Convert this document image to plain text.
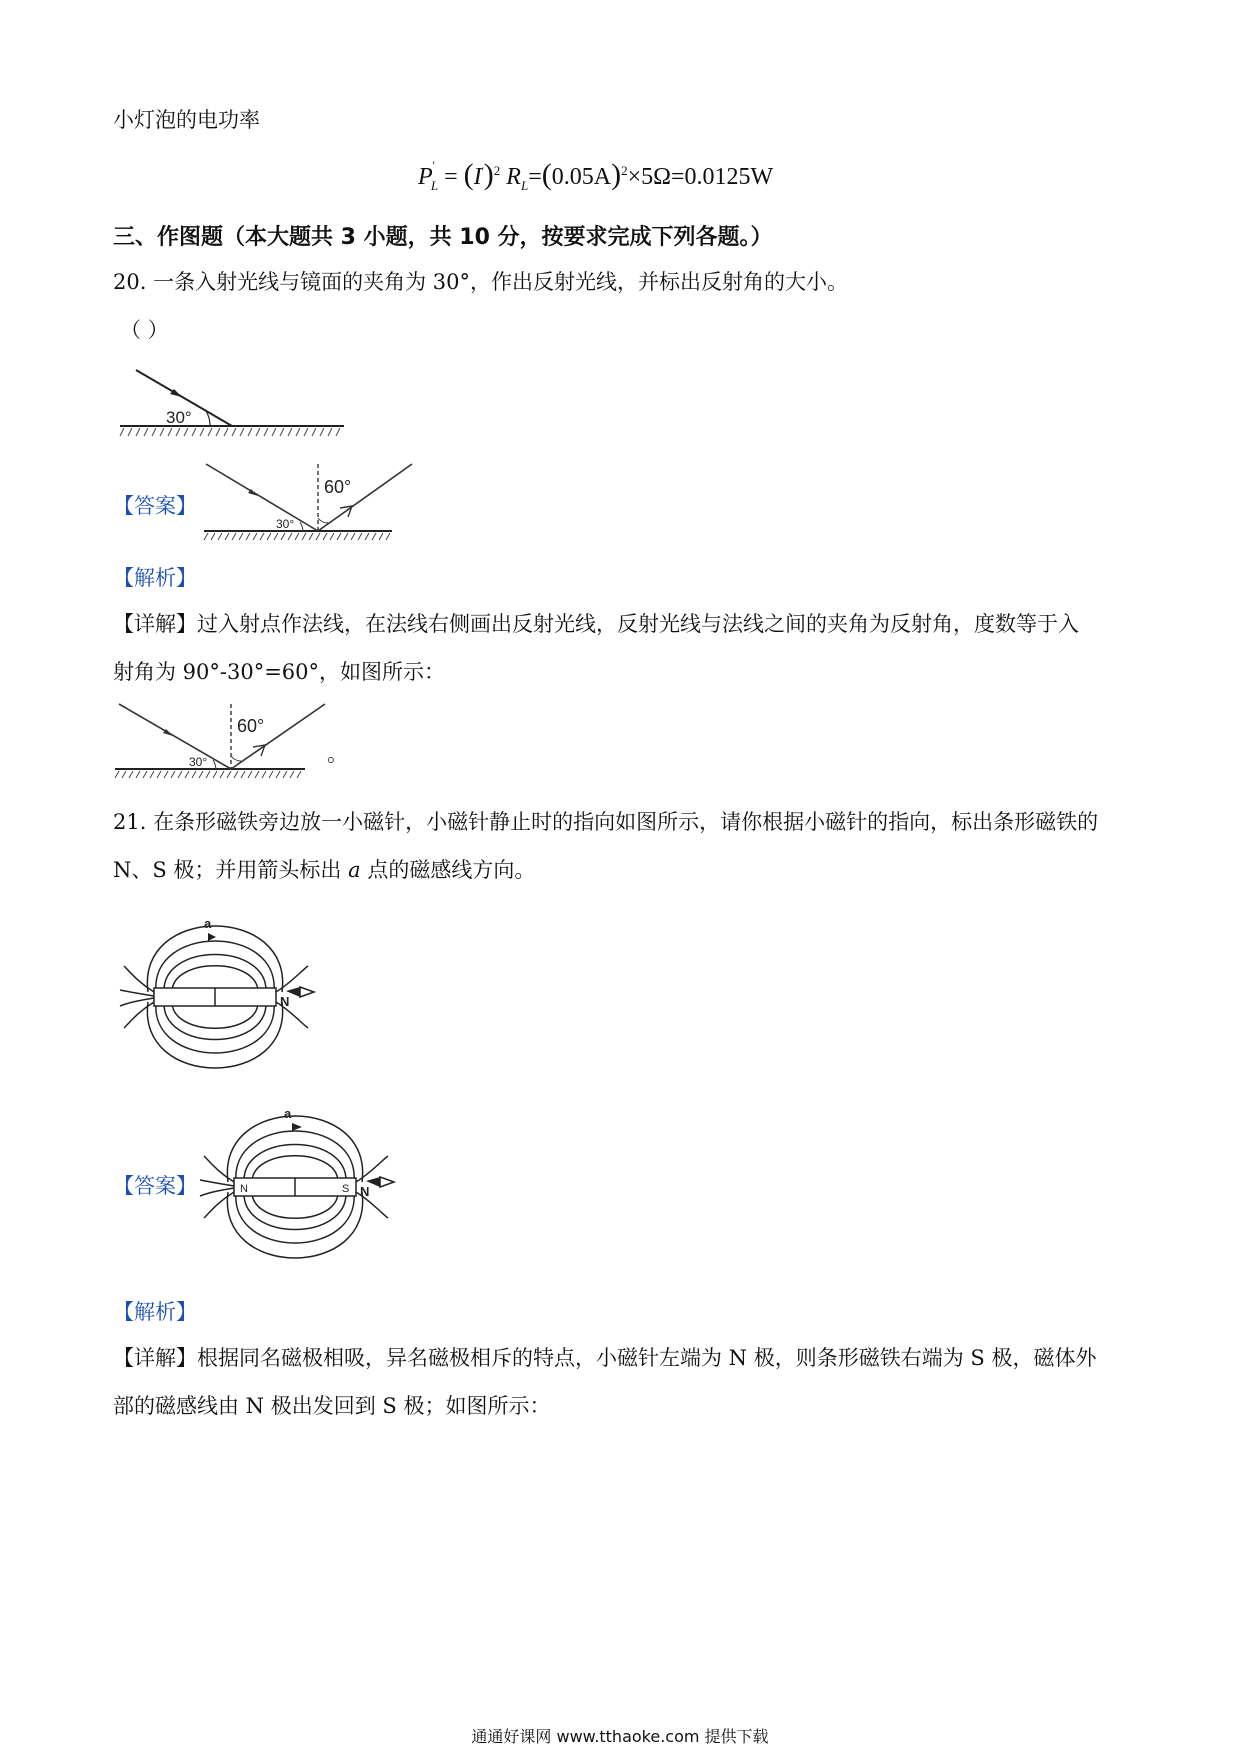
小灯泡的电功率
$P'_L = (I')^2$ $R_L=(0.05A)^2\times 5\Omega=0.0125W$
三、作图题（本大题共 3 小题，共 10 分，按要求完成下列各题。）
20. 一条入射光线与镜面的夹角为 30°，作出反射光线，并标出反射角的大小。
（ ）
30°
【答案】
60°
30°
【解析】
【详解】过入射点作法线，在法线右侧画出反射光线，反射光线与法线之间的夹角为反射角，度数等于入
射角为 90°-30°=60°，如图所示：
60°
30°	。
21. 在条形磁铁旁边放一小磁针，小磁针静止时的指向如图所示，请你根据小磁针的指向，标出条形磁铁的
N、S 极；并用箭头标出 a 点的磁感线方向。
a
N
【答案】
a
N	S N
【解析】
【详解】根据同名磁极相吸，异名磁极相斥的特点，小磁针左端为 N 极，则条形磁铁右端为 S 极，磁体外
部的磁感线由 N 极出发回到 S 极；如图所示：
通通好课网 www.tthaoke.com 提供下载
